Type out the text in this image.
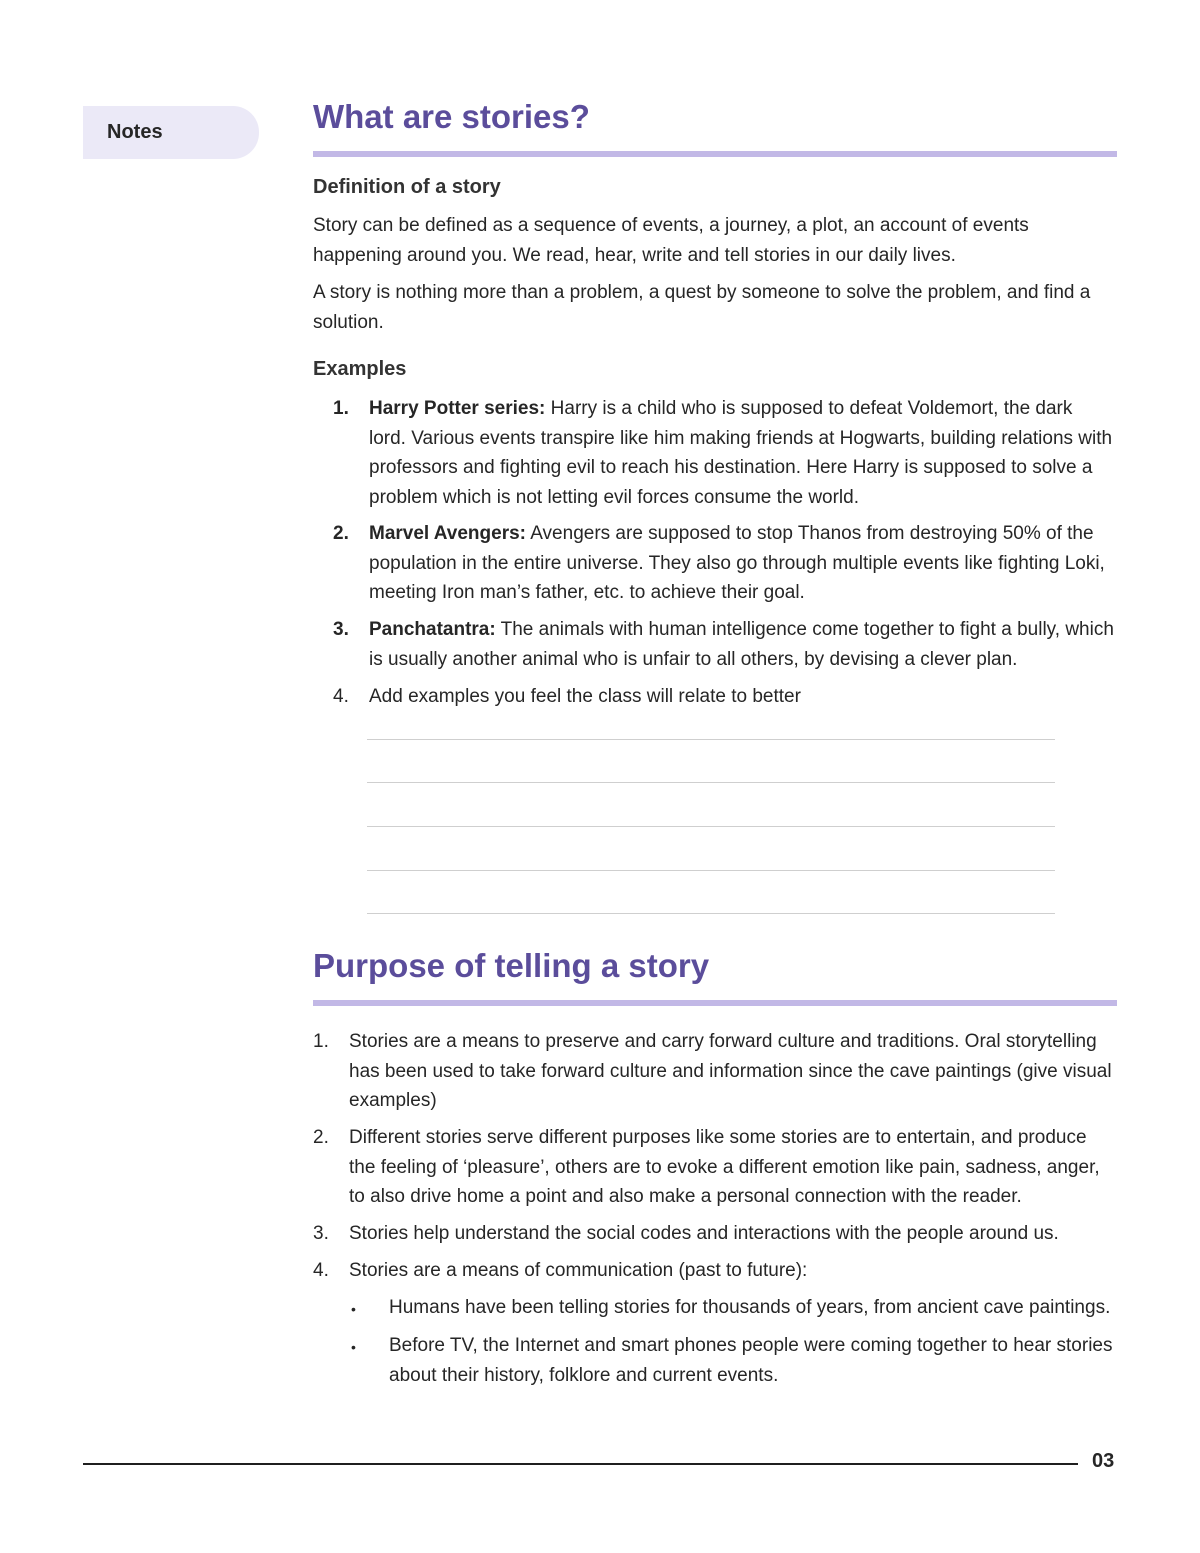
Notes	What are stories?
Definition of a story

Story can be defined as a sequence of events, a journey, a plot, an account of events happening around you. We read, hear, write and tell stories in our daily lives.

A story is nothing more than a problem, a quest by someone to solve the problem, and find a solution.

Examples
1. Harry Potter series: Harry is a child who is supposed to defeat Voldemort, the dark lord. Various events transpire like him making friends at Hogwarts, building relations with professors and fighting evil to reach his destination. Here Harry is supposed to solve a problem which is not letting evil forces consume the world.
2. Marvel Avengers: Avengers are supposed to stop Thanos from destroying 50% of the population in the entire universe. They also go through multiple events like fighting Loki, meeting Iron man’s father, etc. to achieve their goal.
3. Panchatantra: The animals with human intelligence come together to fight a bully, which is usually another animal who is unfair to all others, by devising a clever plan.
4. Add examples you feel the class will relate to better
Purpose of telling a story
1. Stories are a means to preserve and carry forward culture and traditions. Oral storytelling has been used to take forward culture and information since the cave paintings (give visual examples)
2. Different stories serve different purposes like some stories are to entertain, and produce the feeling of ‘pleasure’, others are to evoke a different emotion like pain, sadness, anger, to also drive home a point and also make a personal connection with the reader.
3. Stories help understand the social codes and interactions with the people around us.
4. Stories are a means of communication (past to future):
• Humans have been telling stories for thousands of years, from ancient cave paintings.
• Before TV, the Internet and smart phones people were coming together to hear stories about their history, folklore and current events.
03
